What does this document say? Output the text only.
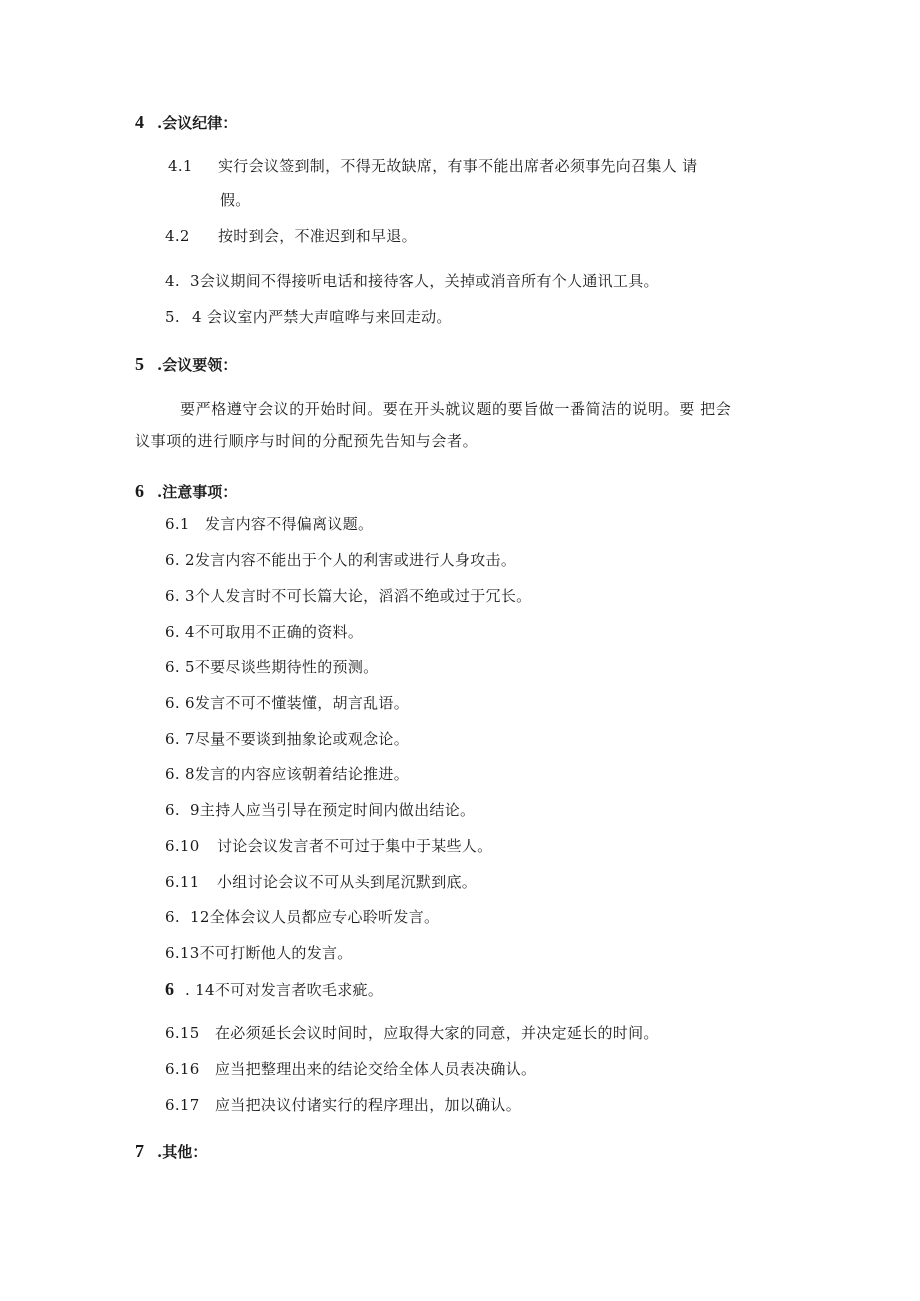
4 .会议纪律：
4.1 实行会议签到制，不得无故缺席，有事不能出席者必须事先向召集人 请
假。
4.2 按时到会，不准迟到和早退。
4. 3会议期间不得接听电话和接待客人，关掉或消音所有个人通讯工具。
5. 4 会议室内严禁大声喧哗与来回走动。
5 .会议要领：
要严格遵守会议的开始时间。要在开头就议题的要旨做一番简洁的说明。要 把会
议事项的进行顺序与时间的分配预先告知与会者。
6 .注意事项：
6.1 发言内容不得偏离议题。
6. 2发言内容不能出于个人的利害或进行人身攻击。
6. 3个人发言时不可长篇大论，滔滔不绝或过于冗长。
6. 4不可取用不正确的资料。
6. 5不要尽谈些期待性的预测。
6. 6发言不可不懂装懂，胡言乱语。
6. 7尽量不要谈到抽象论或观念论。
6. 8发言的内容应该朝着结论推进。
6.  9主持人应当引导在预定时间内做出结论。
6.10 讨论会议发言者不可过于集中于某些人。
6.11 小组讨论会议不可从头到尾沉默到底。
6.  12全体会议人员都应专心聆听发言。
6.13不可打断他人的发言。
6 . 14不可对发言者吹毛求疵。
6.15 在必须延长会议时间时，应取得大家的同意，并决定延长的时间。
6.16 应当把整理出来的结论交给全体人员表决确认。
6.17 应当把决议付诸实行的程序理出，加以确认。
7 .其他：
